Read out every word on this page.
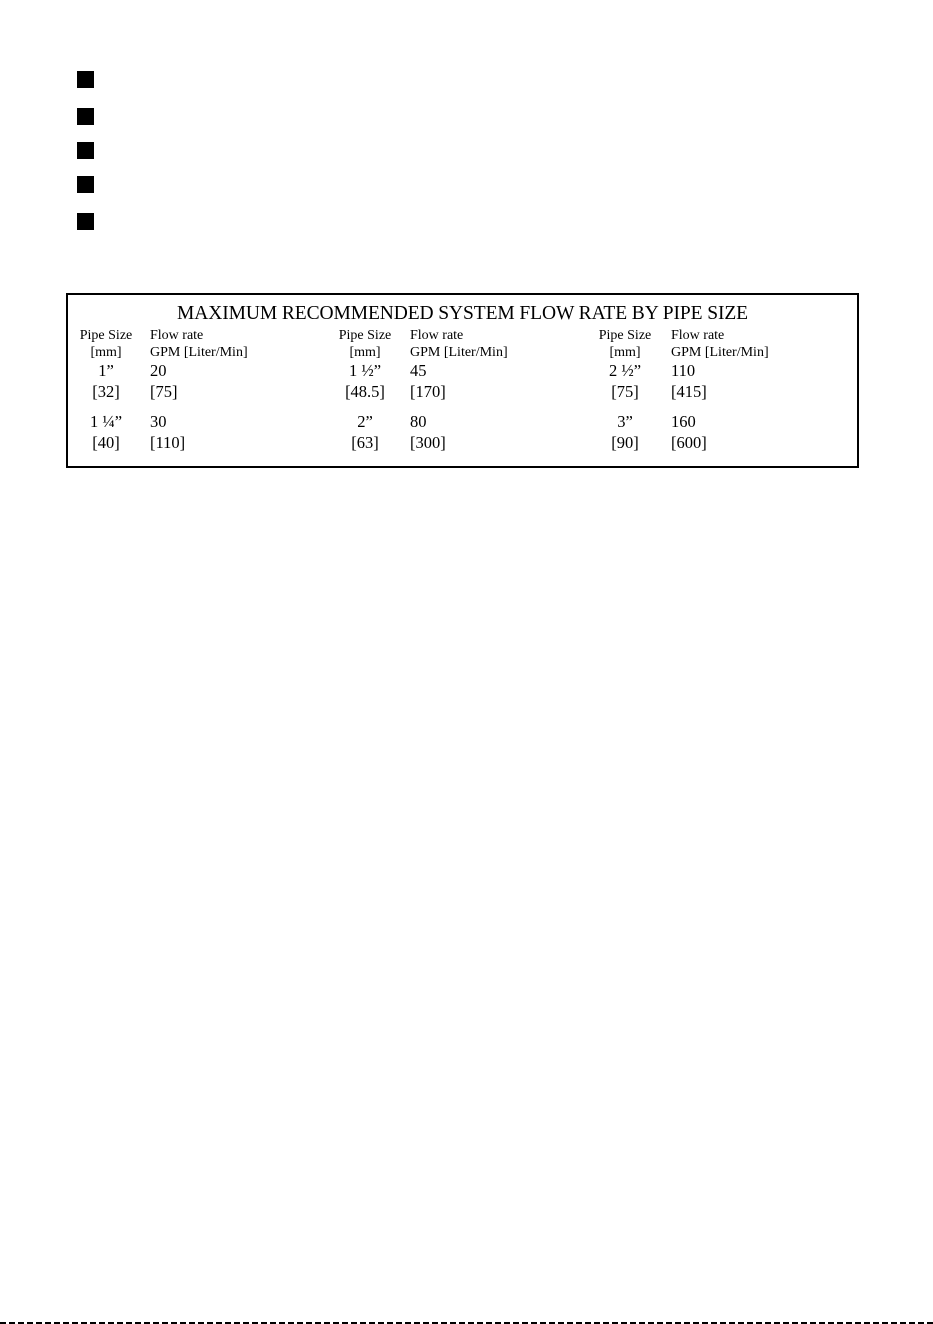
MAXIMUM RECOMMENDED SYSTEM FLOW RATE BY PIPE SIZE
Pipe Size
[mm]
Flow rate
GPM [Liter/Min]
1”
[32]
20
[75]
1 ¼”
[40]
30
[110]
Pipe Size
[mm]
Flow rate
GPM [Liter/Min]
1 ½”
[48.5]
45
[170]
2”
[63]
80
[300]
Pipe Size
[mm]
Flow rate
GPM [Liter/Min]
2 ½”
[75]
110
[415]
3”
[90]
160
[600]
